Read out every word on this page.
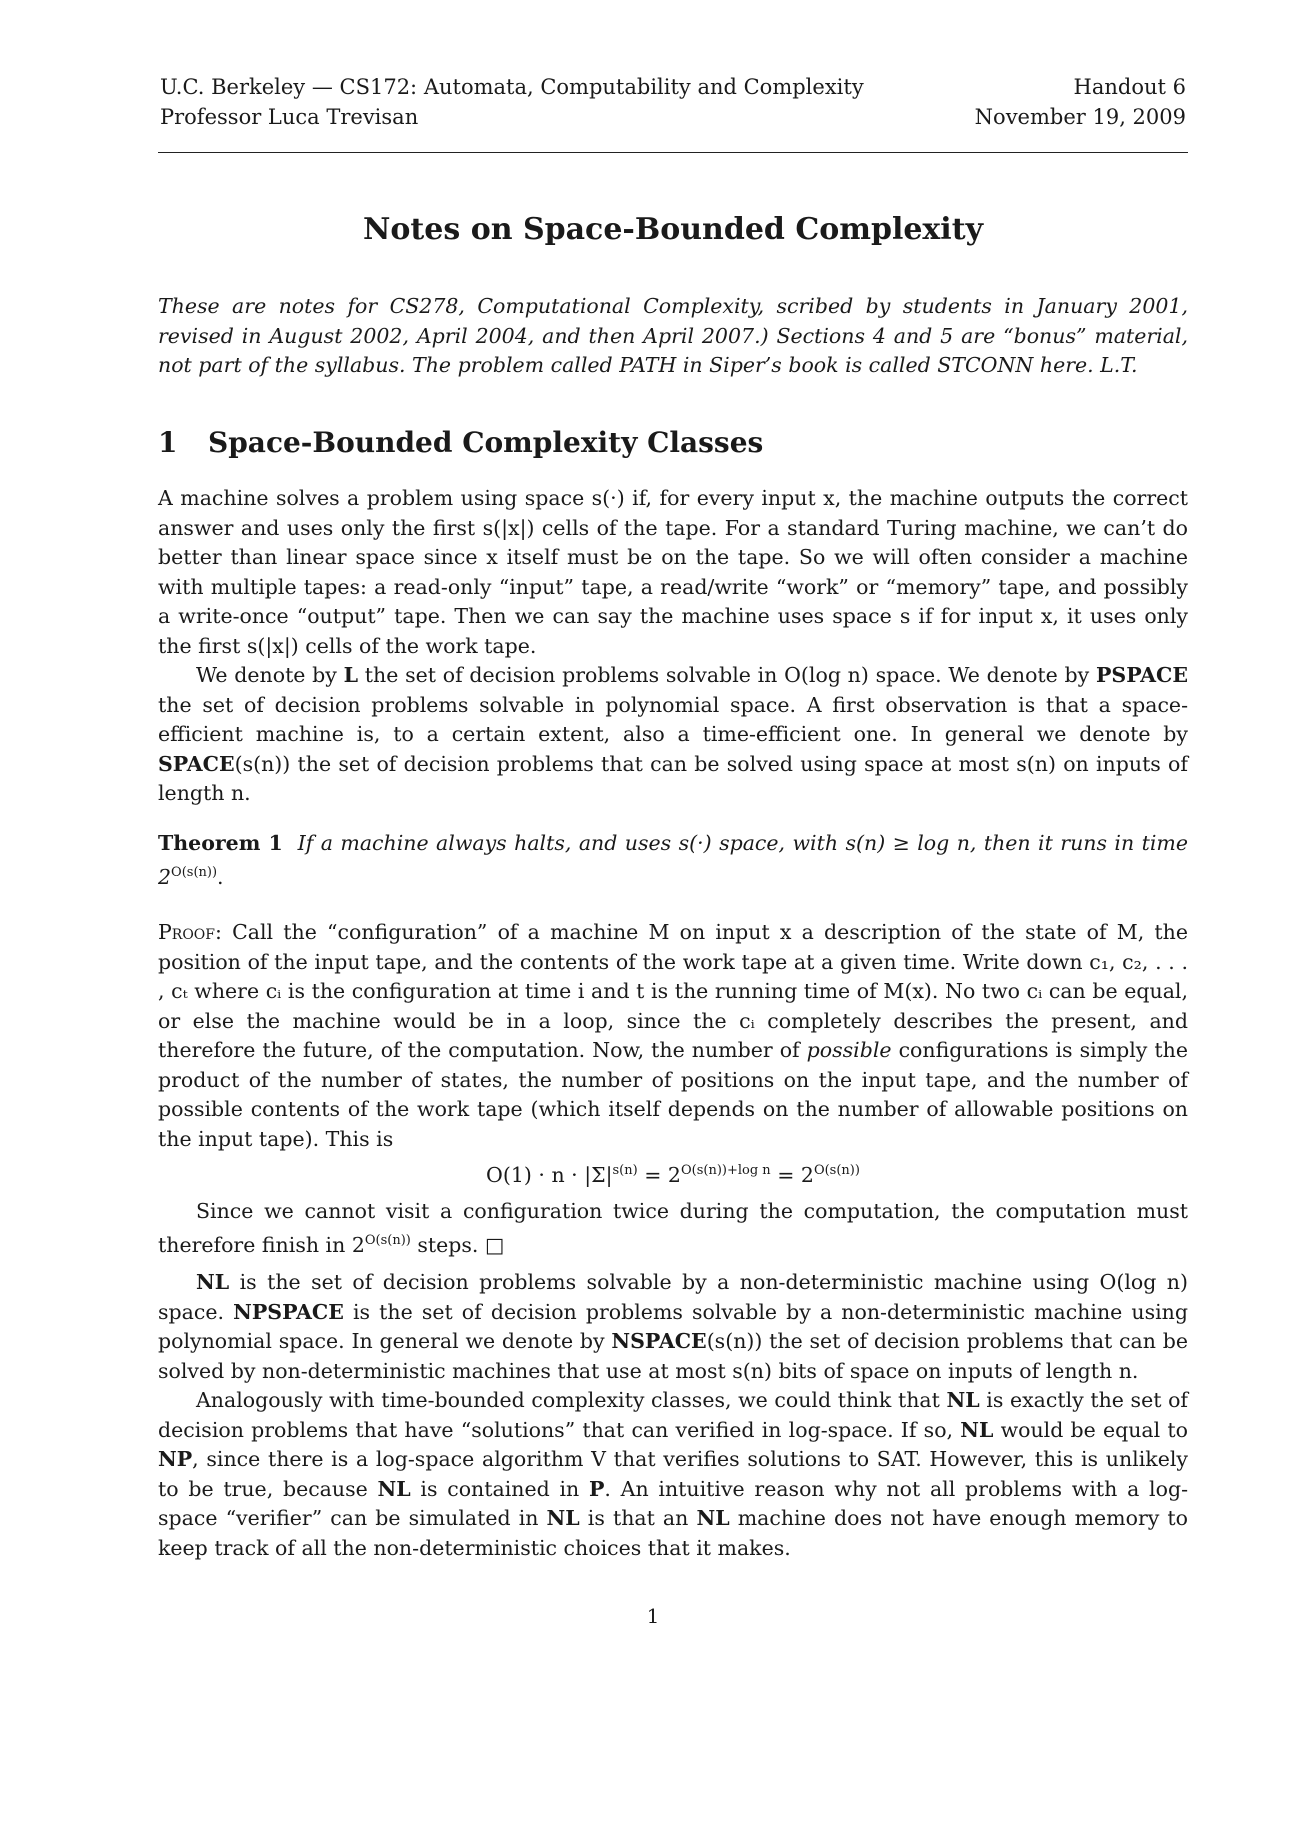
U.C. Berkeley — CS172: Automata, Computability and Complexity	Handout 6
Professor Luca Trevisan	November 19, 2009
Notes on Space-Bounded Complexity
These are notes for CS278, Computational Complexity, scribed by students in January 2001, revised in August 2002, April 2004, and then April 2007.) Sections 4 and 5 are “bonus” material, not part of the syllabus. The problem called PATH in Siper’s book is called STCONN here. L.T.
1 Space-Bounded Complexity Classes

A machine solves a problem using space s(·) if, for every input x, the machine outputs the correct answer and uses only the first s(|x|) cells of the tape. For a standard Turing machine, we can’t do better than linear space since x itself must be on the tape. So we will often consider a machine with multiple tapes: a read-only “input” tape, a read/write “work” or “memory” tape, and possibly a write-once “output” tape. Then we can say the machine uses space s if for input x, it uses only the first s(|x|) cells of the work tape.

We denote by L the set of decision problems solvable in O(log n) space. We denote by PSPACE the set of decision problems solvable in polynomial space. A first observation is that a space-efficient machine is, to a certain extent, also a time-efficient one. In general we denote by SPACE(s(n)) the set of decision problems that can be solved using space at most s(n) on inputs of length n.

Theorem 1 If a machine always halts, and uses s(·) space, with s(n) ≥ log n, then it runs in time $2^{O(s(n))}$.

Proof: Call the “configuration” of a machine M on input x a description of the state of M, the position of the input tape, and the contents of the work tape at a given time. Write down c₁, c₂, . . . , cₜ where cᵢ is the configuration at time i and t is the running time of M(x). No two cᵢ can be equal, or else the machine would be in a loop, since the cᵢ completely describes the present, and therefore the future, of the computation. Now, the number of possible configurations is simply the product of the number of states, the number of positions on the input tape, and the number of possible contents of the work tape (which itself depends on the number of allowable positions on the input tape). This is

$O(1) \cdot n \cdot |\Sigma|^{s(n)} = 2^{O(s(n))+log n} = 2^{O(s(n))}$

Since we cannot visit a configuration twice during the computation, the computation must therefore finish in $2^{O(s(n))}$ steps. □

NL is the set of decision problems solvable by a non-deterministic machine using O(log n) space. NPSPACE is the set of decision problems solvable by a non-deterministic machine using polynomial space. In general we denote by NSPACE(s(n)) the set of decision problems that can be solved by non-deterministic machines that use at most s(n) bits of space on inputs of length n.

Analogously with time-bounded complexity classes, we could think that NL is exactly the set of decision problems that have “solutions” that can verified in log-space. If so, NL would be equal to NP, since there is a log-space algorithm V that verifies solutions to SAT. However, this is unlikely to be true, because NL is contained in P. An intuitive reason why not all problems with a log-space “verifier” can be simulated in NL is that an NL machine does not have enough memory to keep track of all the non-deterministic choices that it makes.

1
